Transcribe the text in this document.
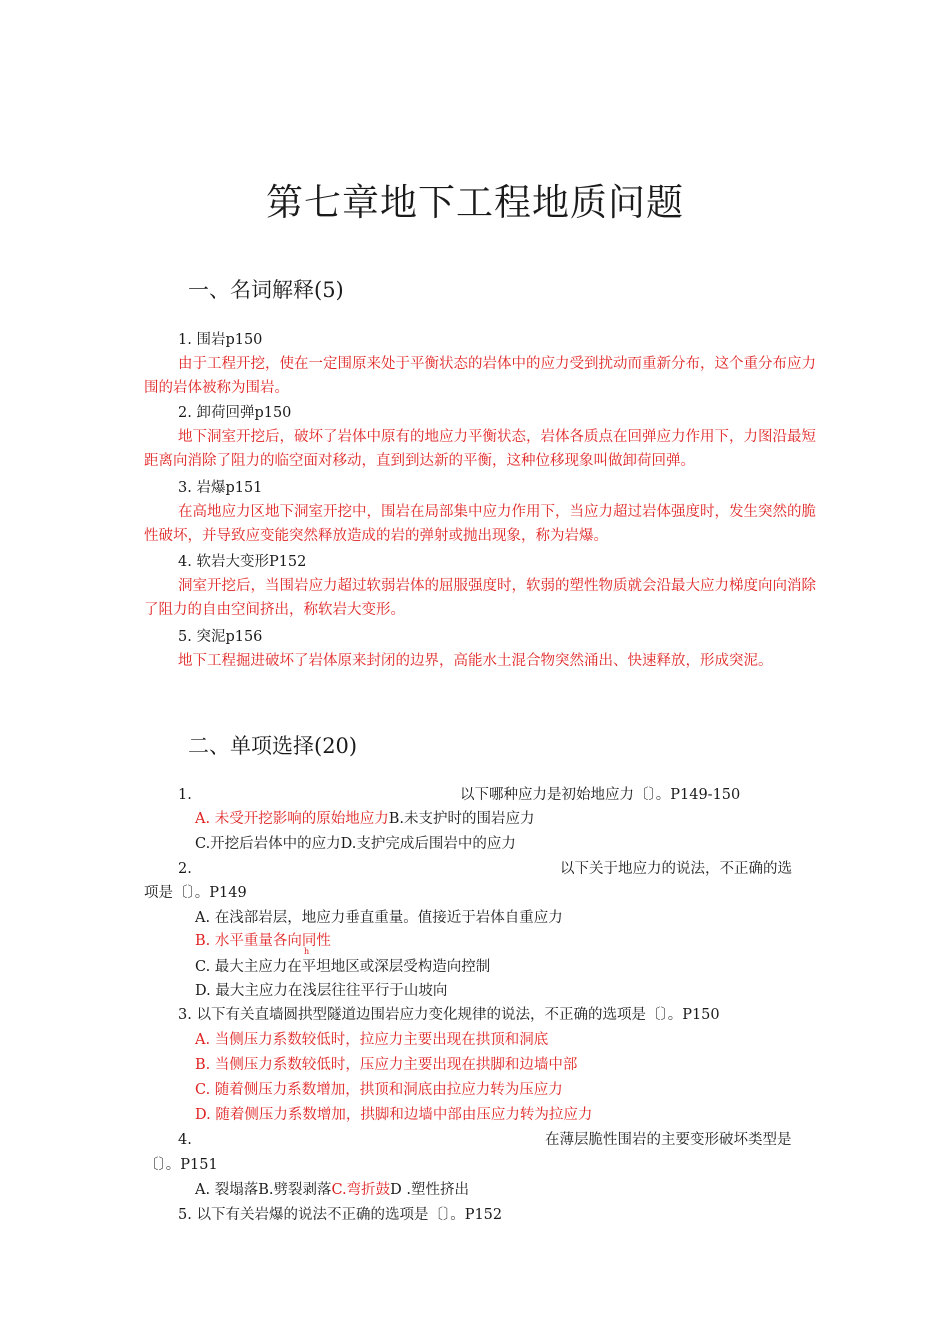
第七章地下工程地质问题
一、名词解释(5)
1. 围岩p150
由于工程开挖，使在一定围原来处于平衡状态的岩体中的应力受到扰动而重新分布，这个重分布应力围的岩体被称为围岩。
2. 卸荷回弹p150
地下洞室开挖后，破坏了岩体中原有的地应力平衡状态，岩体各质点在回弹应力作用下，力图沿最短距离向消除了阻力的临空面对移动，直到到达新的平衡，这种位移现象叫做卸荷回弹。
3. 岩爆p151
在高地应力区地下洞室开挖中，围岩在局部集中应力作用下，当应力超过岩体强度时，发生突然的脆性破坏，并导致应变能突然释放造成的岩的弹射或抛出现象，称为岩爆。
4. 软岩大变形P152
洞室开挖后，当围岩应力超过软弱岩体的屈服强度时，软弱的塑性物质就会沿最大应力梯度向向消除了阻力的自由空间挤出，称软岩大变形。
5. 突泥p156
地下工程掘进破坏了岩体原来封闭的边界，高能水土混合物突然涌出、快速释放，形成突泥。
二、单项选择(20)
1.	以下哪种应力是初始地应力〔〕。P149-150
A. 未受开挖影响的原始地应力B.未支护时的围岩应力
C.开挖后岩体中的应力D.支护完成后围岩中的应力
2.	以下关于地应力的说法，不正确的选
项是〔〕。P149
A. 在浅部岩层，地应力垂直重量。值接近于岩体自重应力
B. 水平重量各向同性
h
C. 最大主应力在平坦地区或深层受构造向控制
D. 最大主应力在浅层往往平行于山坡向
3. 以下有关直墙圆拱型隧道边围岩应力变化规律的说法，不正确的选项是〔〕。P150
A. 当侧压力系数较低时，拉应力主要出现在拱顶和洞底
B. 当侧压力系数较低时，压应力主要出现在拱脚和边墙中部
C. 随着侧压力系数增加，拱顶和洞底由拉应力转为压应力
D. 随着侧压力系数增加，拱脚和边墙中部由压应力转为拉应力
4.	在薄层脆性围岩的主要变形破坏类型是
〔〕。P151
A. 裂塌落B.劈裂剥落C.弯折鼓D .塑性挤出
5. 以下有关岩爆的说法不正确的选项是〔〕。P152
